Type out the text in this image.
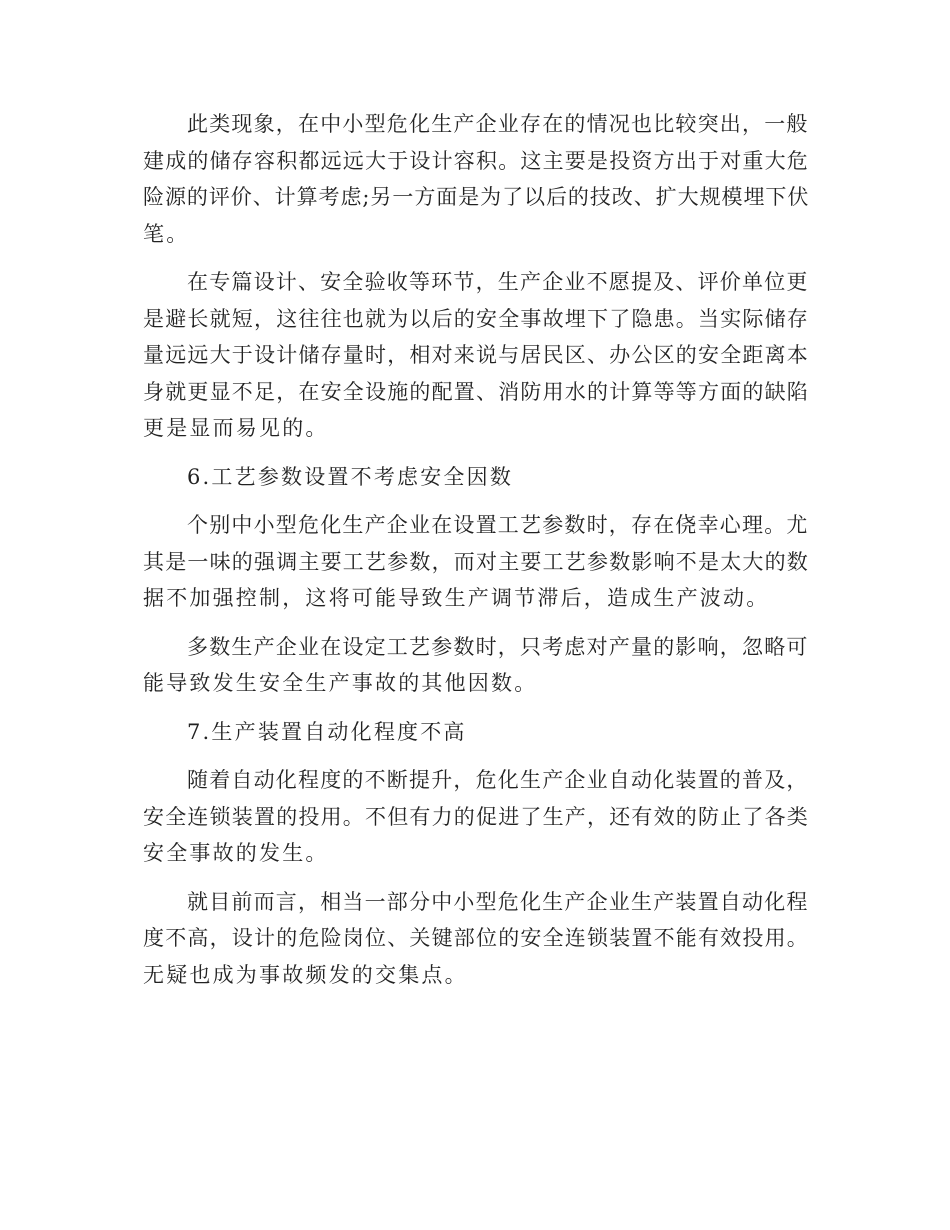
此类现象，在中小型危化生产企业存在的情况也比较突出，一般
建成的储存容积都远远大于设计容积。这主要是投资方出于对重大危
险源的评价、计算考虑;另一方面是为了以后的技改、扩大规模埋下伏
笔。
在专篇设计、安全验收等环节，生产企业不愿提及、评价单位更
是避长就短，这往往也就为以后的安全事故埋下了隐患。当实际储存
量远远大于设计储存量时，相对来说与居民区、办公区的安全距离本
身就更显不足，在安全设施的配置、消防用水的计算等等方面的缺陷
更是显而易见的。
6.工艺参数设置不考虑安全因数
个别中小型危化生产企业在设置工艺参数时，存在侥幸心理。尤
其是一味的强调主要工艺参数，而对主要工艺参数影响不是太大的数
据不加强控制，这将可能导致生产调节滞后，造成生产波动。
多数生产企业在设定工艺参数时，只考虑对产量的影响，忽略可
能导致发生安全生产事故的其他因数。
7.生产装置自动化程度不高
随着自动化程度的不断提升，危化生产企业自动化装置的普及，
安全连锁装置的投用。不但有力的促进了生产，还有效的防止了各类
安全事故的发生。
就目前而言，相当一部分中小型危化生产企业生产装置自动化程
度不高，设计的危险岗位、关键部位的安全连锁装置不能有效投用。
无疑也成为事故频发的交集点。
